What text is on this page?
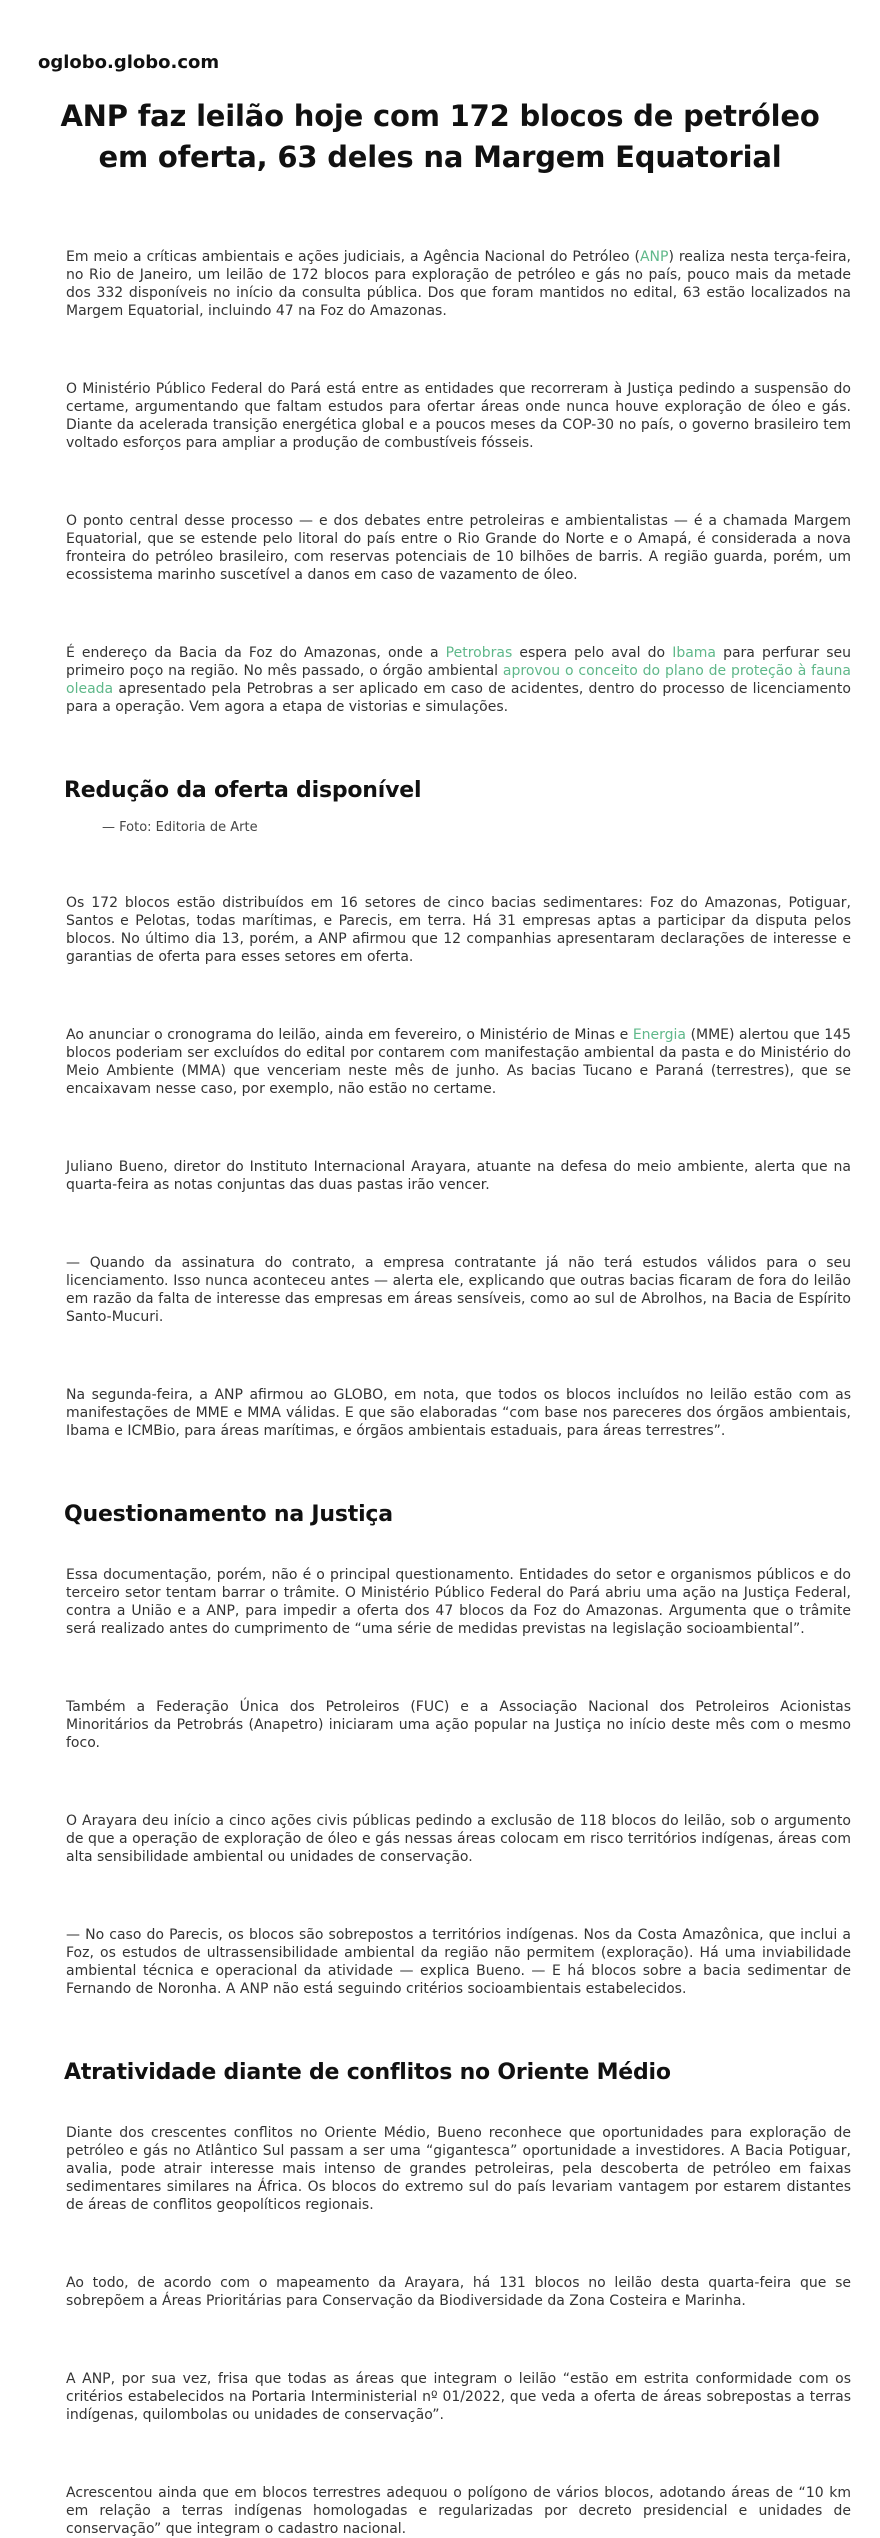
oglobo.globo.com

ANP faz leilão hoje com 172 blocos de petróleo em oferta, 63 deles na Margem Equatorial

Em meio a críticas ambientais e ações judiciais, a Agência Nacional do Petróleo (ANP) realiza nesta terça-feira, no Rio de Janeiro, um leilão de 172 blocos para exploração de petróleo e gás no país, pouco mais da metade dos 332 disponíveis no início da consulta pública. Dos que foram mantidos no edital, 63 estão localizados na Margem Equatorial, incluindo 47 na Foz do Amazonas.

O Ministério Público Federal do Pará está entre as entidades que recorreram à Justiça pedindo a suspensão do certame, argumentando que faltam estudos para ofertar áreas onde nunca houve exploração de óleo e gás. Diante da acelerada transição energética global e a poucos meses da COP-30 no país, o governo brasileiro tem voltado esforços para ampliar a produção de combustíveis fósseis.

O ponto central desse processo — e dos debates entre petroleiras e ambientalistas — é a chamada Margem Equatorial, que se estende pelo litoral do país entre o Rio Grande do Norte e o Amapá, é considerada a nova fronteira do petróleo brasileiro, com reservas potenciais de 10 bilhões de barris. A região guarda, porém, um ecossistema marinho suscetível a danos em caso de vazamento de óleo.

É endereço da Bacia da Foz do Amazonas, onde a Petrobras espera pelo aval do Ibama para perfurar seu primeiro poço na região. No mês passado, o órgão ambiental aprovou o conceito do plano de proteção à fauna oleada apresentado pela Petrobras a ser aplicado em caso de acidentes, dentro do processo de licenciamento para a operação. Vem agora a etapa de vistorias e simulações.

Redução da oferta disponível

— Foto: Editoria de Arte

Os 172 blocos estão distribuídos em 16 setores de cinco bacias sedimentares: Foz do Amazonas, Potiguar, Santos e Pelotas, todas marítimas, e Parecis, em terra. Há 31 empresas aptas a participar da disputa pelos blocos. No último dia 13, porém, a ANP afirmou que 12 companhias apresentaram declarações de interesse e garantias de oferta para esses setores em oferta.

Ao anunciar o cronograma do leilão, ainda em fevereiro, o Ministério de Minas e Energia (MME) alertou que 145 blocos poderiam ser excluídos do edital por contarem com manifestação ambiental da pasta e do Ministério do Meio Ambiente (MMA) que venceriam neste mês de junho. As bacias Tucano e Paraná (terrestres), que se encaixavam nesse caso, por exemplo, não estão no certame.

Juliano Bueno, diretor do Instituto Internacional Arayara, atuante na defesa do meio ambiente, alerta que na quarta-feira as notas conjuntas das duas pastas irão vencer.

— Quando da assinatura do contrato, a empresa contratante já não terá estudos válidos para o seu licenciamento. Isso nunca aconteceu antes — alerta ele, explicando que outras bacias ficaram de fora do leilão em razão da falta de interesse das empresas em áreas sensíveis, como ao sul de Abrolhos, na Bacia de Espírito Santo-Mucuri.

Na segunda-feira, a ANP afirmou ao GLOBO, em nota, que todos os blocos incluídos no leilão estão com as manifestações de MME e MMA válidas. E que são elaboradas “com base nos pareceres dos órgãos ambientais, Ibama e ICMBio, para áreas marítimas, e órgãos ambientais estaduais, para áreas terrestres”.

Questionamento na Justiça

Essa documentação, porém, não é o principal questionamento. Entidades do setor e organismos públicos e do terceiro setor tentam barrar o trâmite. O Ministério Público Federal do Pará abriu uma ação na Justiça Federal, contra a União e a ANP, para impedir a oferta dos 47 blocos da Foz do Amazonas. Argumenta que o trâmite será realizado antes do cumprimento de “uma série de medidas previstas na legislação socioambiental”.

Também a Federação Única dos Petroleiros (FUC) e a Associação Nacional dos Petroleiros Acionistas Minoritários da Petrobrás (Anapetro) iniciaram uma ação popular na Justiça no início deste mês com o mesmo foco.

O Arayara deu início a cinco ações civis públicas pedindo a exclusão de 118 blocos do leilão, sob o argumento de que a operação de exploração de óleo e gás nessas áreas colocam em risco territórios indígenas, áreas com alta sensibilidade ambiental ou unidades de conservação.

— No caso do Parecis, os blocos são sobrepostos a territórios indígenas. Nos da Costa Amazônica, que inclui a Foz, os estudos de ultrassensibilidade ambiental da região não permitem (exploração). Há uma inviabilidade ambiental técnica e operacional da atividade — explica Bueno. — E há blocos sobre a bacia sedimentar de Fernando de Noronha. A ANP não está seguindo critérios socioambientais estabelecidos.

Atratividade diante de conflitos no Oriente Médio

Diante dos crescentes conflitos no Oriente Médio, Bueno reconhece que oportunidades para exploração de petróleo e gás no Atlântico Sul passam a ser uma “gigantesca” oportunidade a investidores. A Bacia Potiguar, avalia, pode atrair interesse mais intenso de grandes petroleiras, pela descoberta de petróleo em faixas sedimentares similares na África. Os blocos do extremo sul do país levariam vantagem por estarem distantes de áreas de conflitos geopolíticos regionais.

Ao todo, de acordo com o mapeamento da Arayara, há 131 blocos no leilão desta quarta-feira que se sobrepõem a Áreas Prioritárias para Conservação da Biodiversidade da Zona Costeira e Marinha.

A ANP, por sua vez, frisa que todas as áreas que integram o leilão “estão em estrita conformidade com os critérios estabelecidos na Portaria Interministerial nº 01/2022, que veda a oferta de áreas sobrepostas a terras indígenas, quilombolas ou unidades de conservação”.

Acrescentou ainda que em blocos terrestres adequou o polígono de vários blocos, adotando áreas de “10 km em relação a terras indígenas homologadas e regularizadas por decreto presidencial e unidades de conservação” que integram o cadastro nacional.
